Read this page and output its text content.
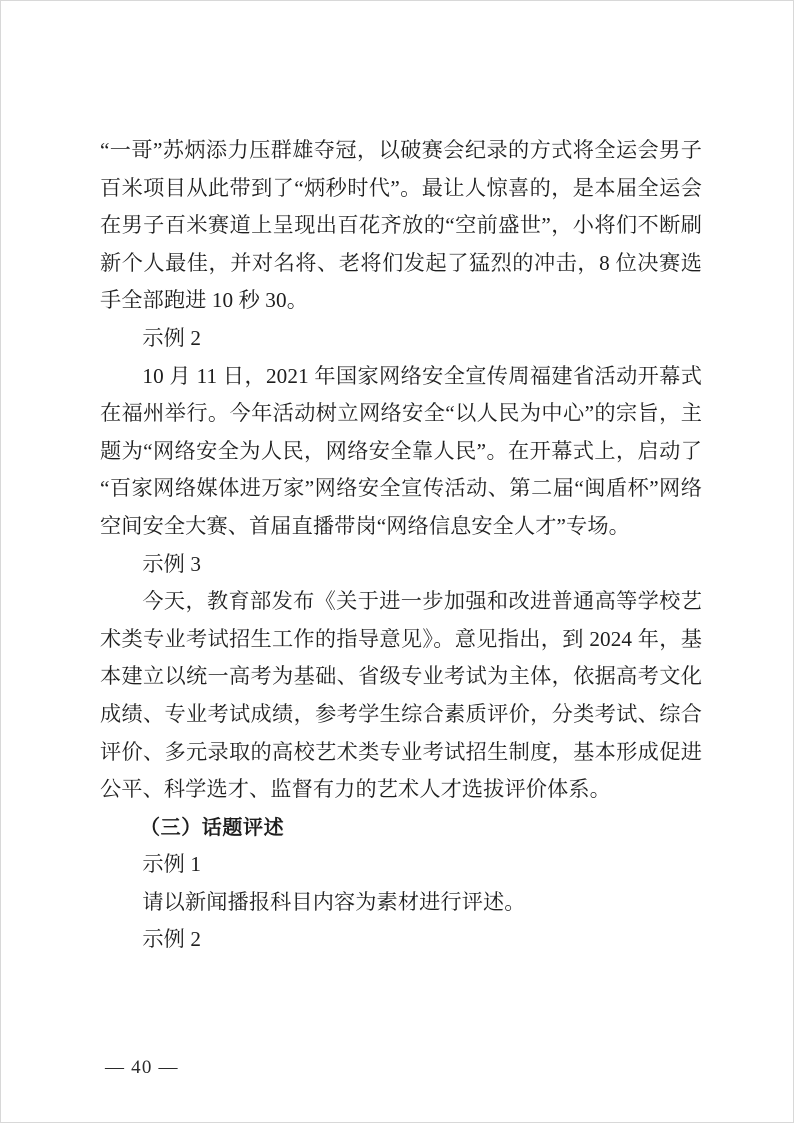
“一哥”苏炳添力压群雄夺冠，以破赛会纪录的方式将全运会男子百米项目从此带到了“炳秒时代”。最让人惊喜的，是本届全运会在男子百米赛道上呈现出百花齐放的“空前盛世”，小将们不断刷新个人最佳，并对名将、老将们发起了猛烈的冲击，8 位决赛选手全部跑进 10 秒 30。

示例 2

10 月 11 日，2021 年国家网络安全宣传周福建省活动开幕式在福州举行。今年活动树立网络安全“以人民为中心”的宗旨，主题为“网络安全为人民，网络安全靠人民”。在开幕式上，启动了“百家网络媒体进万家”网络安全宣传活动、第二届“闽盾杯”网络空间安全大赛、首届直播带岗“网络信息安全人才”专场。

示例 3

今天，教育部发布《关于进一步加强和改进普通高等学校艺术类专业考试招生工作的指导意见》。意见指出，到 2024 年，基本建立以统一高考为基础、省级专业考试为主体，依据高考文化成绩、专业考试成绩，参考学生综合素质评价，分类考试、综合评价、多元录取的高校艺术类专业考试招生制度，基本形成促进公平、科学选才、监督有力的艺术人才选拔评价体系。

（三）话题评述

示例 1

请以新闻播报科目内容为素材进行评述。

示例 2

— 40 —
